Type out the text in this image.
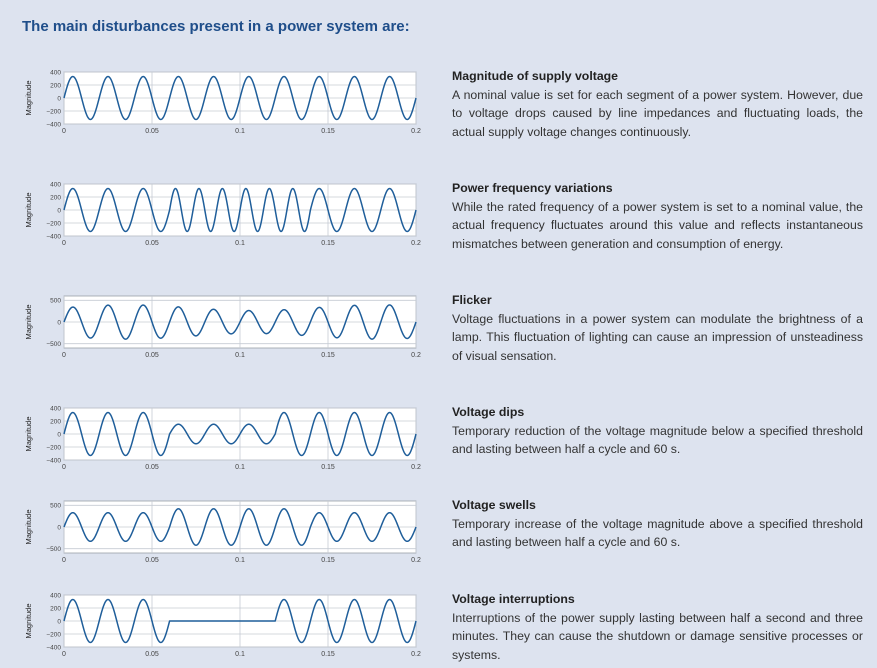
The main disturbances present in a power system are:
0	0.05	0.1	0.15	0.2
400
200
0
−200
−400
Magnitude
Magnitude of supply voltage
A nominal value is set for each segment of a power system. However, due to voltage drops caused by line impedances and fluctuating loads, the actual supply voltage changes continuously.
0	0.05	0.1	0.15	0.2
400
200
0
−200
−400
Magnitude
Power frequency variations
While the rated frequency of a power system is set to a nominal value, the actual frequency fluctuates around this value and reflects instantaneous mismatches between generation and consumption of energy.
0	0.05	0.1	0.15	0.2
500
0
−500
Magnitude
Flicker
Voltage fluctuations in a power system can modulate the brightness of a lamp. This fluctuation of lighting can cause an impression of unsteadiness of visual sensation.
0	0.05	0.1	0.15	0.2
400
200
0
−200
−400
Magnitude
Voltage dips
Temporary reduction of the voltage magnitude below a specified threshold and lasting between half a cycle and 60 s.
0	0.05	0.1	0.15	0.2
500
0
−500
Magnitude
Voltage swells
Temporary increase of the voltage magnitude above a specified threshold and lasting between half a cycle and 60 s.
0	0.05	0.1	0.15	0.2
400
200
0
−200
−400
Magnitude
Voltage interruptions
Interruptions of the power supply lasting between half a second and three minutes. They can cause the shutdown or damage sensitive processes or systems.
